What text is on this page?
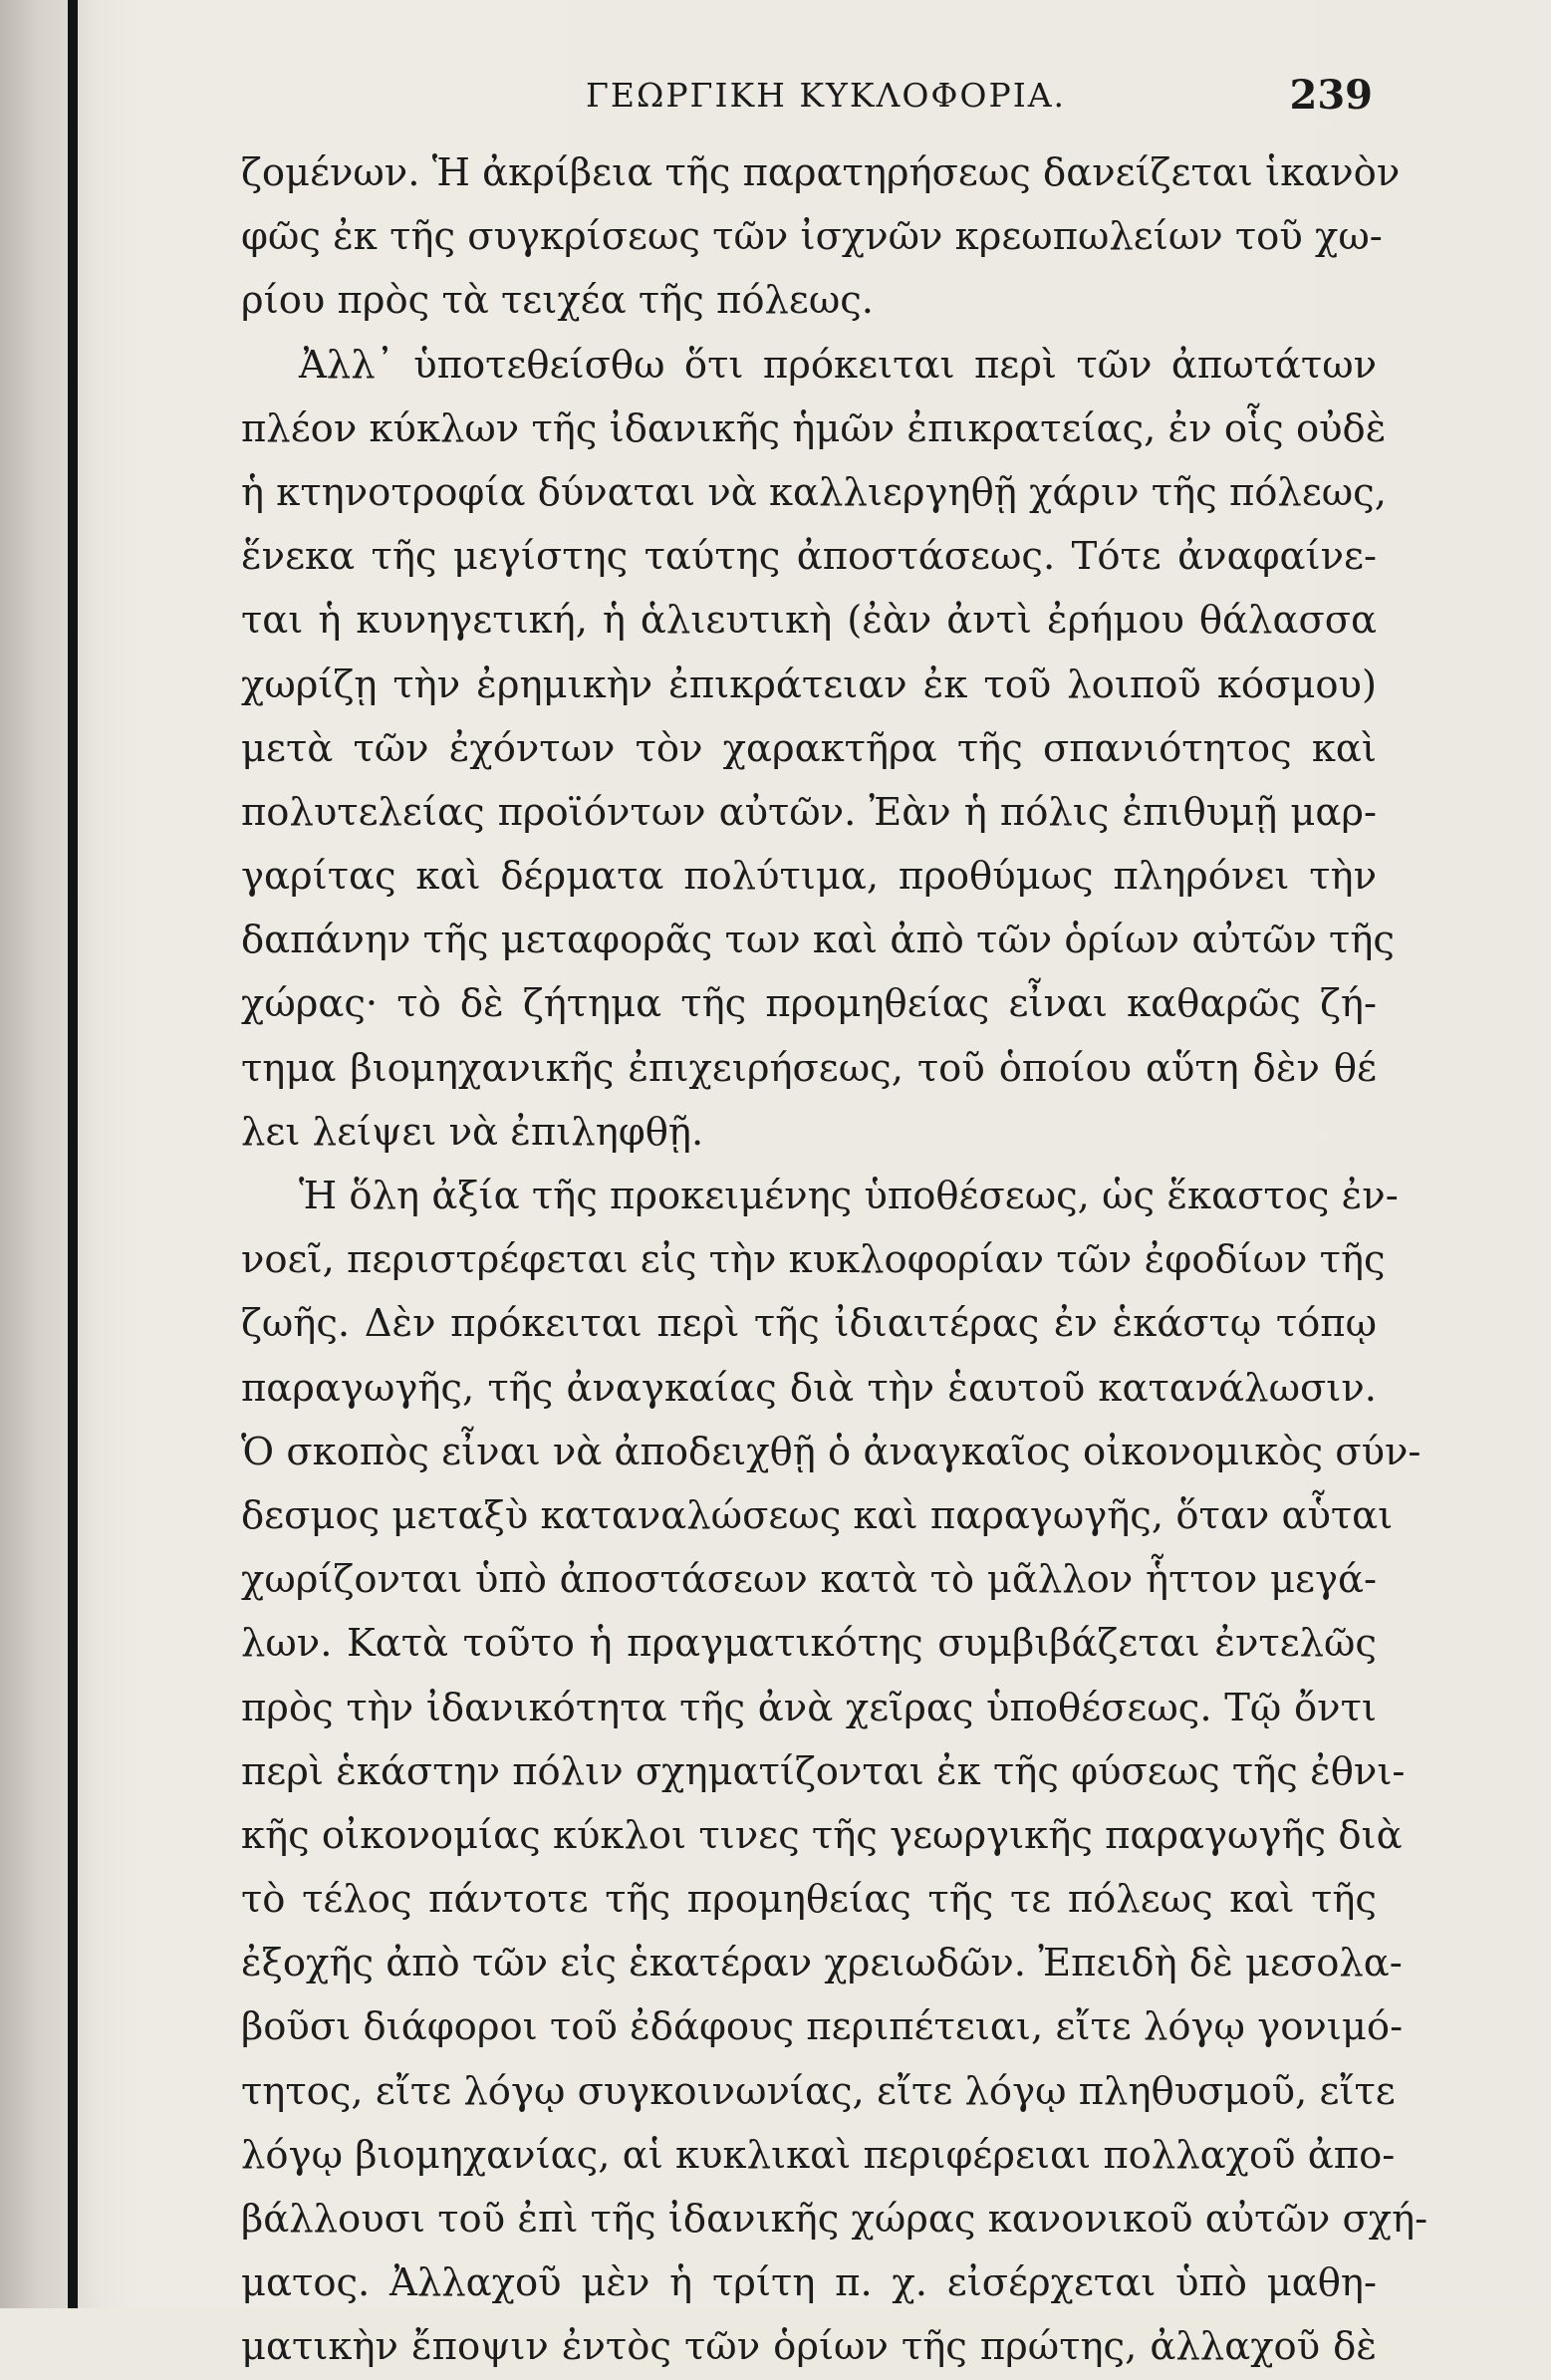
ΓΕΩΡΓΙΚΗ ΚΥΚΛΟΦΟΡΙΑ.	239
ζομένων. Ἡ ἀκρίβεια τῆς παρατηρήσεως δανείζεται ἱκανὸν
φῶς ἐκ τῆς συγκρίσεως τῶν ἰσχνῶν κρεωπωλείων τοῦ χω-
ρίου πρὸς τὰ τειχέα τῆς πόλεως.
Ἀλλ᾽ ὑποτεθείσθω ὅτι πρόκειται περὶ τῶν ἀπωτάτων
πλέον κύκλων τῆς ἰδανικῆς ἡμῶν ἐπικρατείας, ἐν οἷς οὐδὲ
ἡ κτηνοτροφία δύναται νὰ καλλιεργηθῇ χάριν τῆς πόλεως,
ἕνεκα τῆς μεγίστης ταύτης ἀποστάσεως. Τότε ἀναφαίνε-
ται ἡ κυνηγετική, ἡ ἁλιευτικὴ (ἐὰν ἀντὶ ἐρήμου θάλασσα
χωρίζῃ τὴν ἐρημικὴν ἐπικράτειαν ἐκ τοῦ λοιποῦ κόσμου)
μετὰ τῶν ἐχόντων τὸν χαρακτῆρα τῆς σπανιότητος καὶ
πολυτελείας προϊόντων αὐτῶν. Ἐὰν ἡ πόλις ἐπιθυμῇ μαρ-
γαρίτας καὶ δέρματα πολύτιμα, προθύμως πληρόνει τὴν
δαπάνην τῆς μεταφορᾶς των καὶ ἀπὸ τῶν ὁρίων αὐτῶν τῆς
χώρας· τὸ δὲ ζήτημα τῆς προμηθείας εἶναι καθαρῶς ζή-
τημα βιομηχανικῆς ἐπιχειρήσεως, τοῦ ὁποίου αὕτη δὲν θέ
λει λείψει νὰ ἐπιληφθῇ.
Ἡ ὅλη ἀξία τῆς προκειμένης ὑποθέσεως, ὡς ἕκαστος ἐν-
νοεῖ, περιστρέφεται εἰς τὴν κυκλοφορίαν τῶν ἐφοδίων τῆς
ζωῆς. Δὲν πρόκειται περὶ τῆς ἰδιαιτέρας ἐν ἑκάστῳ τόπῳ
παραγωγῆς, τῆς ἀναγκαίας διὰ τὴν ἑαυτοῦ κατανάλωσιν.
Ὁ σκοπὸς εἶναι νὰ ἀποδειχθῇ ὁ ἀναγκαῖος οἰκονομικὸς σύν-
δεσμος μεταξὺ καταναλώσεως καὶ παραγωγῆς, ὅταν αὗται
χωρίζονται ὑπὸ ἀποστάσεων κατὰ τὸ μᾶλλον ἧττον μεγά-
λων. Κατὰ τοῦτο ἡ πραγματικότης συμβιβάζεται ἐντελῶς
πρὸς τὴν ἰδανικότητα τῆς ἀνὰ χεῖρας ὑποθέσεως. Τῷ ὄντι
περὶ ἑκάστην πόλιν σχηματίζονται ἐκ τῆς φύσεως τῆς ἐθνι-
κῆς οἰκονομίας κύκλοι τινες τῆς γεωργικῆς παραγωγῆς διὰ
τὸ τέλος πάντοτε τῆς προμηθείας τῆς τε πόλεως καὶ τῆς
ἐξοχῆς ἀπὸ τῶν εἰς ἑκατέραν χρειωδῶν. Ἐπειδὴ δὲ μεσολα-
βοῦσι διάφοροι τοῦ ἐδάφους περιπέτειαι, εἴτε λόγῳ γονιμό-
τητος, εἴτε λόγῳ συγκοινωνίας, εἴτε λόγῳ πληθυσμοῦ, εἴτε
λόγῳ βιομηχανίας, αἱ κυκλικαὶ περιφέρειαι πολλαχοῦ ἀπο-
βάλλουσι τοῦ ἐπὶ τῆς ἰδανικῆς χώρας κανονικοῦ αὐτῶν σχή-
ματος. Ἀλλαχοῦ μὲν ἡ τρίτη π. χ. εἰσέρχεται ὑπὸ μαθη-
ματικὴν ἔποψιν ἐντὸς τῶν ὁρίων τῆς πρώτης, ἀλλαχοῦ δὲ
